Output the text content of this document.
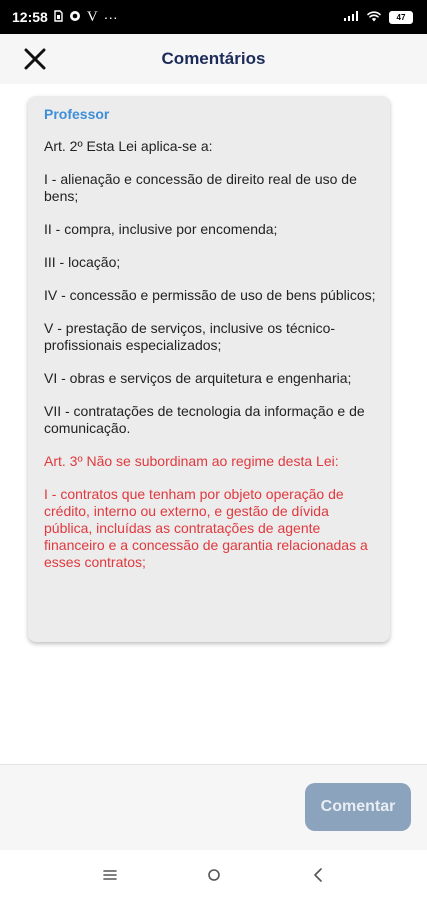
12:58	V ···	47
Comentários
Professor

Art. 2º Esta Lei aplica-se a:

I - alienação e concessão de direito real de uso de bens;

II - compra, inclusive por encomenda;

III - locação;

IV - concessão e permissão de uso de bens públicos;

V - prestação de serviços, inclusive os técnico-profissionais especializados;

VI - obras e serviços de arquitetura e engenharia;

VII - contratações de tecnologia da informação e de comunicação.

Art. 3º Não se subordinam ao regime desta Lei:

I - contratos que tenham por objeto operação de crédito, interno ou externo, e gestão de dívida pública, incluídas as contratações de agente financeiro e a concessão de garantia relacionadas a esses contratos;

Comentar
